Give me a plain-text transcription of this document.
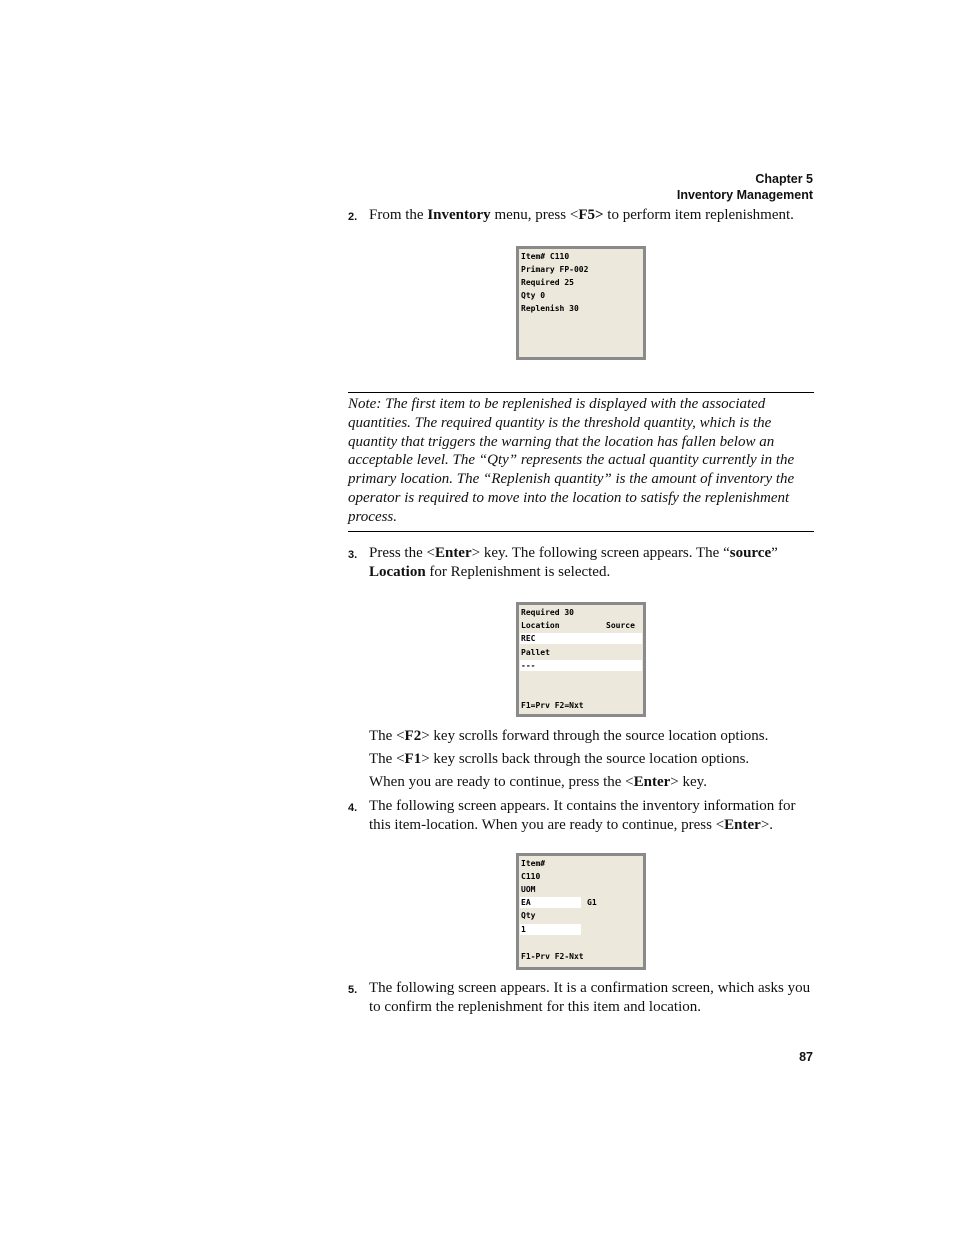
Chapter 5
Inventory Management
2. From the Inventory menu, press <F5> to perform item replenishment.
Item# C110
Primary FP-002
Required 25
Qty 0
Replenish 30
Note: The first item to be replenished is displayed with the associated quantities. The required quantity is the threshold quantity, which is the quantity that triggers the warning that the location has fallen below an acceptable level. The “Qty” represents the actual quantity currently in the primary location. The “Replenish quantity” is the amount of inventory the operator is required to move into the location to satisfy the replenishment process.
3. Press the <Enter> key. The following screen appears. The “source” Location for Replenishment is selected.
Required 30
Location	Source
REC
Pallet
---
F1=Prv F2=Nxt
The <F2> key scrolls forward through the source location options.
The <F1> key scrolls back through the source location options.
When you are ready to continue, press the <Enter> key.
4. The following screen appears. It contains the inventory information for this item-location. When you are ready to continue, press <Enter>.
Item#
C110
UOM
EA	G1
Qty
1
F1-Prv F2-Nxt
5. The following screen appears. It is a confirmation screen, which asks you to confirm the replenishment for this item and location.
87
